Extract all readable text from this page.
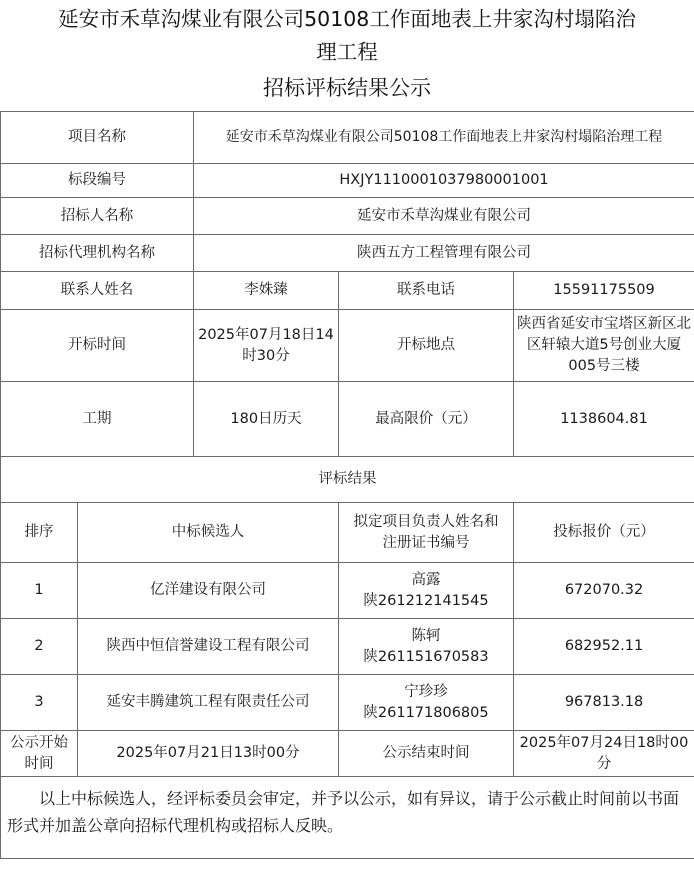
延安市禾草沟煤业有限公司50108工作面地表上井家沟村塌陷治
理工程
招标评标结果公示
项目名称		延安市禾草沟煤业有限公司50108工作面地表上井家沟村塌陷治理工程		
标段编号		HXJY1110001037980001001		
招标人名称		延安市禾草沟煤业有限公司		
招标代理机构名称		陕西五方工程管理有限公司		
联系人姓名		李姝臻	联系电话	15591175509
开标时间		2025年07月18日14时30分	开标地点	陕西省延安市宝塔区新区北区轩辕大道5号创业大厦005号三楼
工期		180日历天	最高限价（元）	1138604.81
评标结果				
排序	中标候选人		拟定项目负责人姓名和注册证书编号	投标报价（元）
1	亿洋建设有限公司		高露
陕261212141545	672070.32
2	陕西中恒信誉建设工程有限公司		陈轲
陕261151670583	682952.11
3	延安丰腾建筑工程有限责任公司		宁珍珍
陕261171806805	967813.18
公示开始时间	2025年07月21日13时00分		公示结束时间	2025年07月24日18时00分
以上中标候选人，经评标委员会审定，并予以公示，如有异议，请于公示截止时间前以书面形式并加盖公章向招标代理机构或招标人反映。				
